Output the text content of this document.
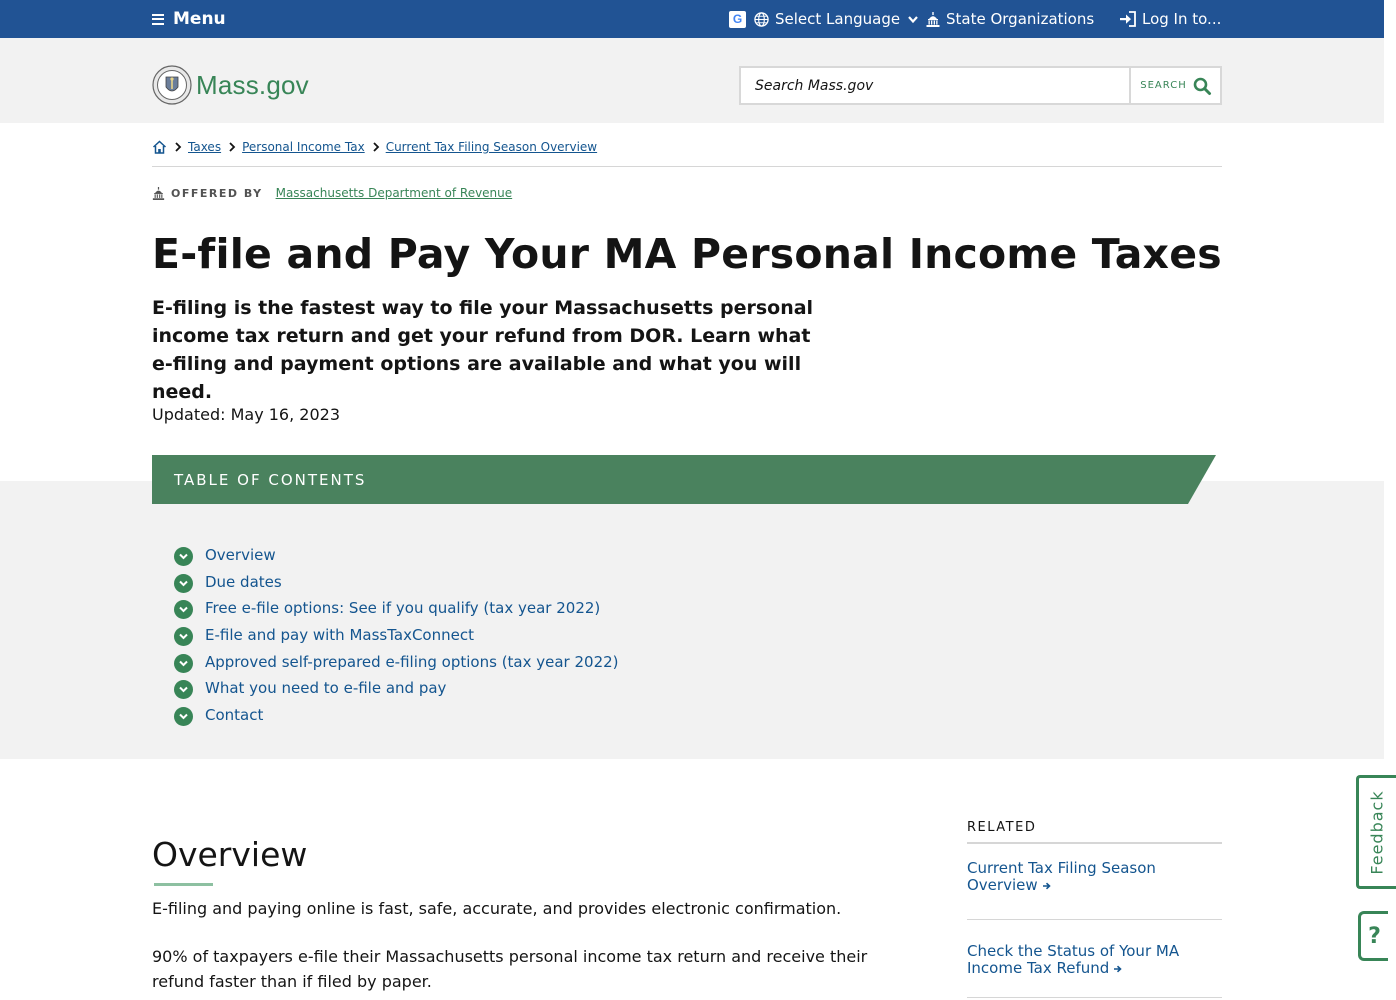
Menu	G Select Language	State Organizations	Log In to...
Mass.gov
Search Mass.gov	SEARCH
Taxes Personal Income Tax Current Tax Filing Season Overview
OFFERED BY Massachusetts Department of Revenue
E-file and Pay Your MA Personal Income Taxes

E-filing is the fastest way to file your Massachusetts personal income tax return and get your refund from DOR. Learn what e-filing and payment options are available and what you will need.

Updated: May 16, 2023

TABLE OF CONTENTS
Overview
Due dates
Free e-file options: See if you qualify (tax year 2022)
E-file and pay with MassTaxConnect
Approved self-prepared e-filing options (tax year 2022)
What you need to e-file and pay
Contact
Overview

E-filing and paying online is fast, safe, accurate, and provides electronic confirmation.

90% of taxpayers e-file their Massachusetts personal income tax return and receive their refund faster than if filed by paper.

RELATED
Current Tax Filing Season Overview
Check the Status of Your MA Income Tax Refund
Feedback
?
